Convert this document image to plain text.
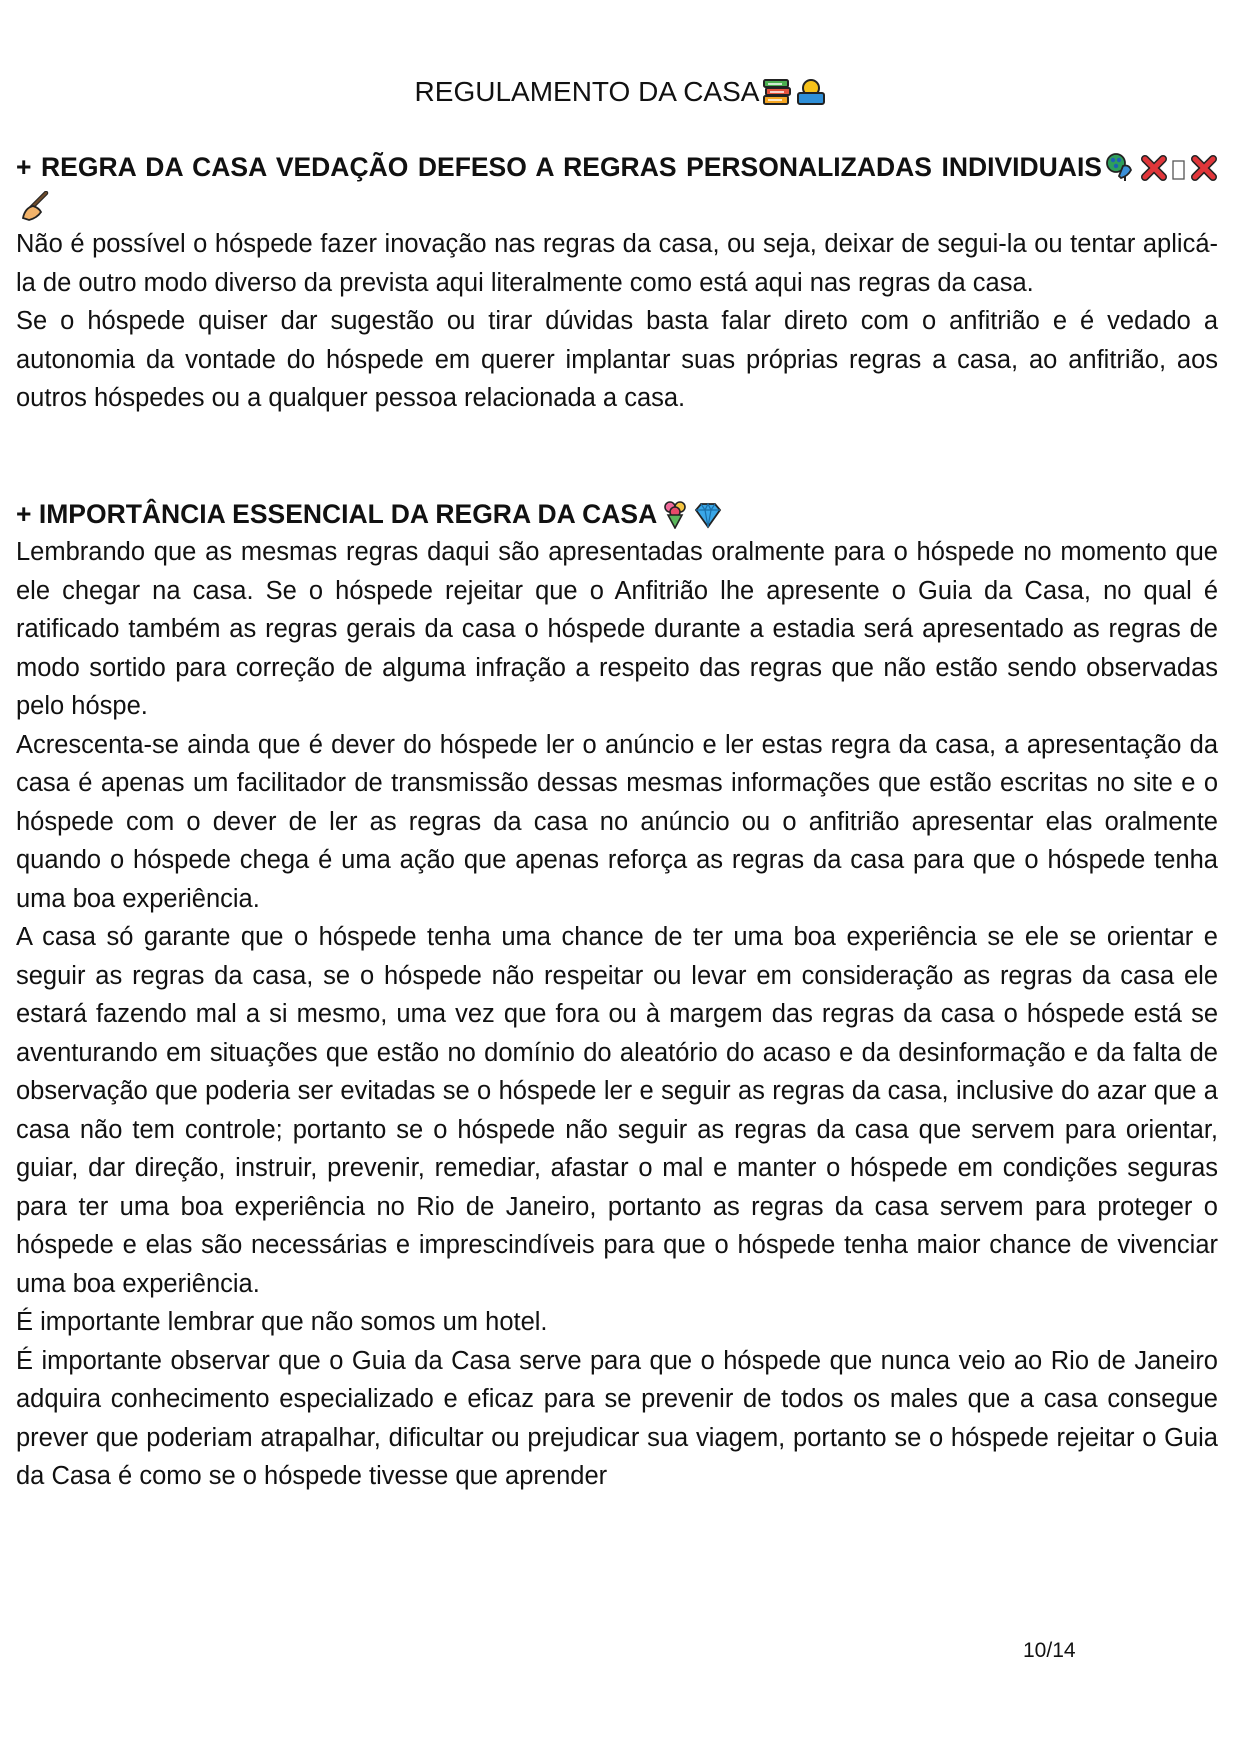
REGULAMENTO DA CASA
+ REGRA DA CASA VEDAÇÃO DEFESO A REGRAS PERSONALIZADAS INDIVIDUAIS

Não é possível o hóspede fazer inovação nas regras da casa, ou seja, deixar de segui-la ou tentar aplicá-la de outro modo diverso da prevista aqui literalmente como está aqui nas regras da casa.

Se o hóspede quiser dar sugestão ou tirar dúvidas basta falar direto com o anfitrião e é vedado a autonomia da vontade do hóspede em querer implantar suas próprias regras a casa, ao anfitrião, aos outros hóspedes ou a qualquer pessoa relacionada a casa.

+ IMPORTÂNCIA ESSENCIAL DA REGRA DA CASA

Lembrando que as mesmas regras daqui são apresentadas oralmente para o hóspede no momento que ele chegar na casa. Se o hóspede rejeitar que o Anfitrião lhe apresente o Guia da Casa, no qual é ratificado também as regras gerais da casa o hóspede durante a estadia será apresentado as regras de modo sortido para correção de alguma infração a respeito das regras que não estão sendo observadas pelo hóspe.

Acrescenta-se ainda que é dever do hóspede ler o anúncio e ler estas regra da casa, a apresentação da casa é apenas um facilitador de transmissão dessas mesmas informações que estão escritas no site e o hóspede com o dever de ler as regras da casa no anúncio ou o anfitrião apresentar elas oralmente quando o hóspede chega é uma ação que apenas reforça as regras da casa para que o hóspede tenha uma boa experiência.

A casa só garante que o hóspede tenha uma chance de ter uma boa experiência se ele se orientar e seguir as regras da casa, se o hóspede não respeitar ou levar em consideração as regras da casa ele estará fazendo mal a si mesmo, uma vez que fora ou à margem das regras da casa o hóspede está se aventurando em situações que estão no domínio do aleatório do acaso e da desinformação e da falta de observação que poderia ser evitadas se o hóspede ler e seguir as regras da casa, inclusive do azar que a casa não tem controle; portanto se o hóspede não seguir as regras da casa que servem para orientar, guiar, dar direção, instruir, prevenir, remediar, afastar o mal e manter o hóspede em condições seguras para ter uma boa experiência no Rio de Janeiro, portanto as regras da casa servem para proteger o hóspede e elas são necessárias e imprescindíveis para que o hóspede tenha maior chance de vivenciar uma boa experiência.

É importante lembrar que não somos um hotel.

É importante observar que o Guia da Casa serve para que o hóspede que nunca veio ao Rio de Janeiro adquira conhecimento especializado e eficaz para se prevenir de todos os males que a casa consegue prever que poderiam atrapalhar, dificultar ou prejudicar sua viagem, portanto se o hóspede rejeitar o Guia da Casa é como se o hóspede tivesse que aprender

10/14
